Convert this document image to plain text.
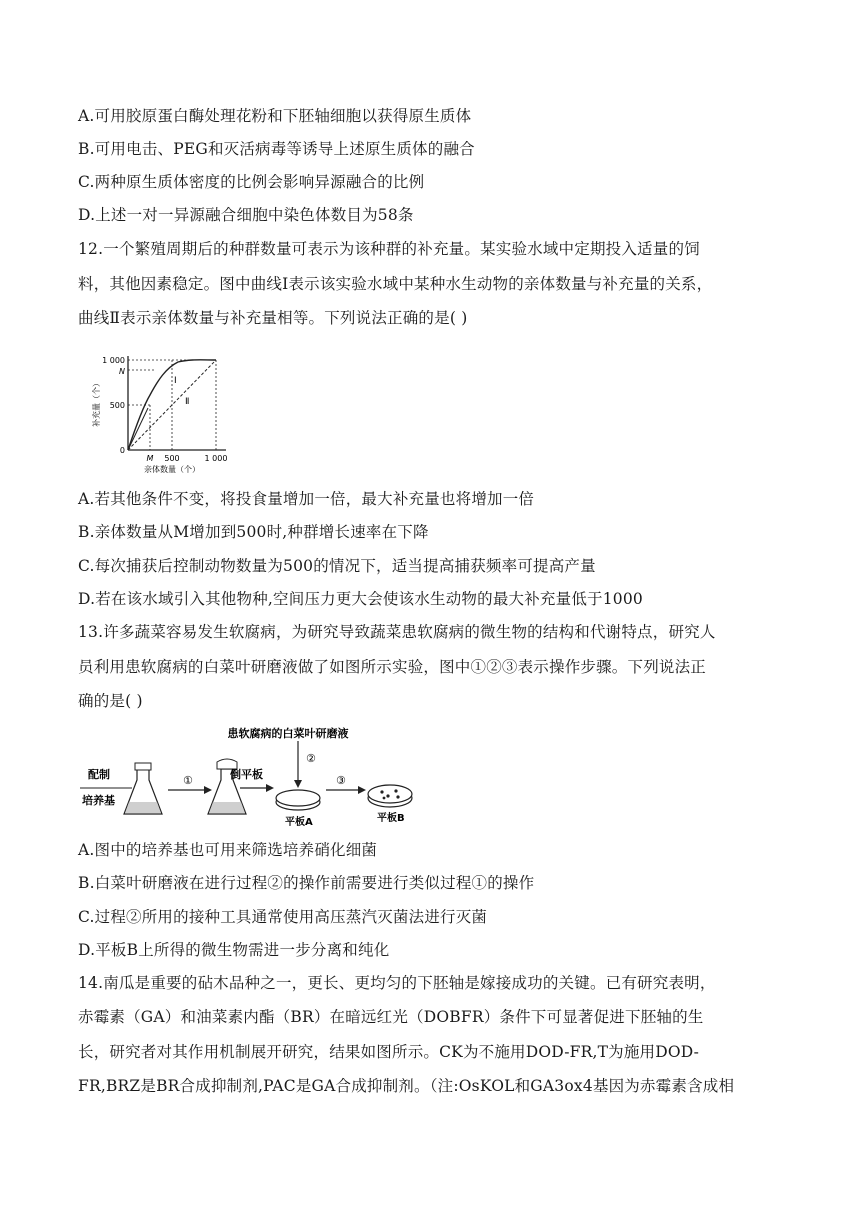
A.可用胶原蛋白酶处理花粉和下胚轴细胞以获得原生质体
B.可用电击、PEG和灭活病毒等诱导上述原生质体的融合
C.两种原生质体密度的比例会影响异源融合的比例
D.上述一对一异源融合细胞中染色体数目为58条
12.一个繁殖周期后的种群数量可表示为该种群的补充量。某实验水域中定期投入适量的饲
料，其他因素稳定。图中曲线Ⅰ表示该实验水域中某种水生动物的亲体数量与补充量的关系，
曲线Ⅱ表示亲体数量与补充量相等。下列说法正确的是( )
1 000
N
500
0
补充量（个）	Ⅰ
Ⅱ
M 500	1 000
亲体数量（个）
A.若其他条件不变，将投食量增加一倍，最大补充量也将增加一倍
B.亲体数量从M增加到500时,种群增长速率在下降
C.每次捕获后控制动物数量为500的情况下，适当提高捕获频率可提高产量
D.若在该水域引入其他物种,空间压力更大会使该水生动物的最大补充量低于1000
13.许多蔬菜容易发生软腐病，为研究导致蔬菜患软腐病的微生物的结构和代谢特点，研究人
员利用患软腐病的白菜叶研磨液做了如图所示实验，图中①②③表示操作步骤。下列说法正
确的是( )
患软腐病的白菜叶研磨液
②
配制
培养基
①	倒平板
平板A
③
平板B
A.图中的培养基也可用来筛选培养硝化细菌
B.白菜叶研磨液在进行过程②的操作前需要进行类似过程①的操作
C.过程②所用的接种工具通常使用高压蒸汽灭菌法进行灭菌
D.平板B上所得的微生物需进一步分离和纯化
14.南瓜是重要的砧木品种之一，更长、更均匀的下胚轴是嫁接成功的关键。已有研究表明，
赤霉素（GA）和油菜素内酯（BR）在暗远红光（DOBFR）条件下可显著促进下胚轴的生
长，研究者对其作用机制展开研究，结果如图所示。CK为不施用DOD-FR,T为施用DOD-
FR,BRZ是BR合成抑制剂,PAC是GA合成抑制剂。（注:OsKOL和GA3ox4基因为赤霉素含成相
